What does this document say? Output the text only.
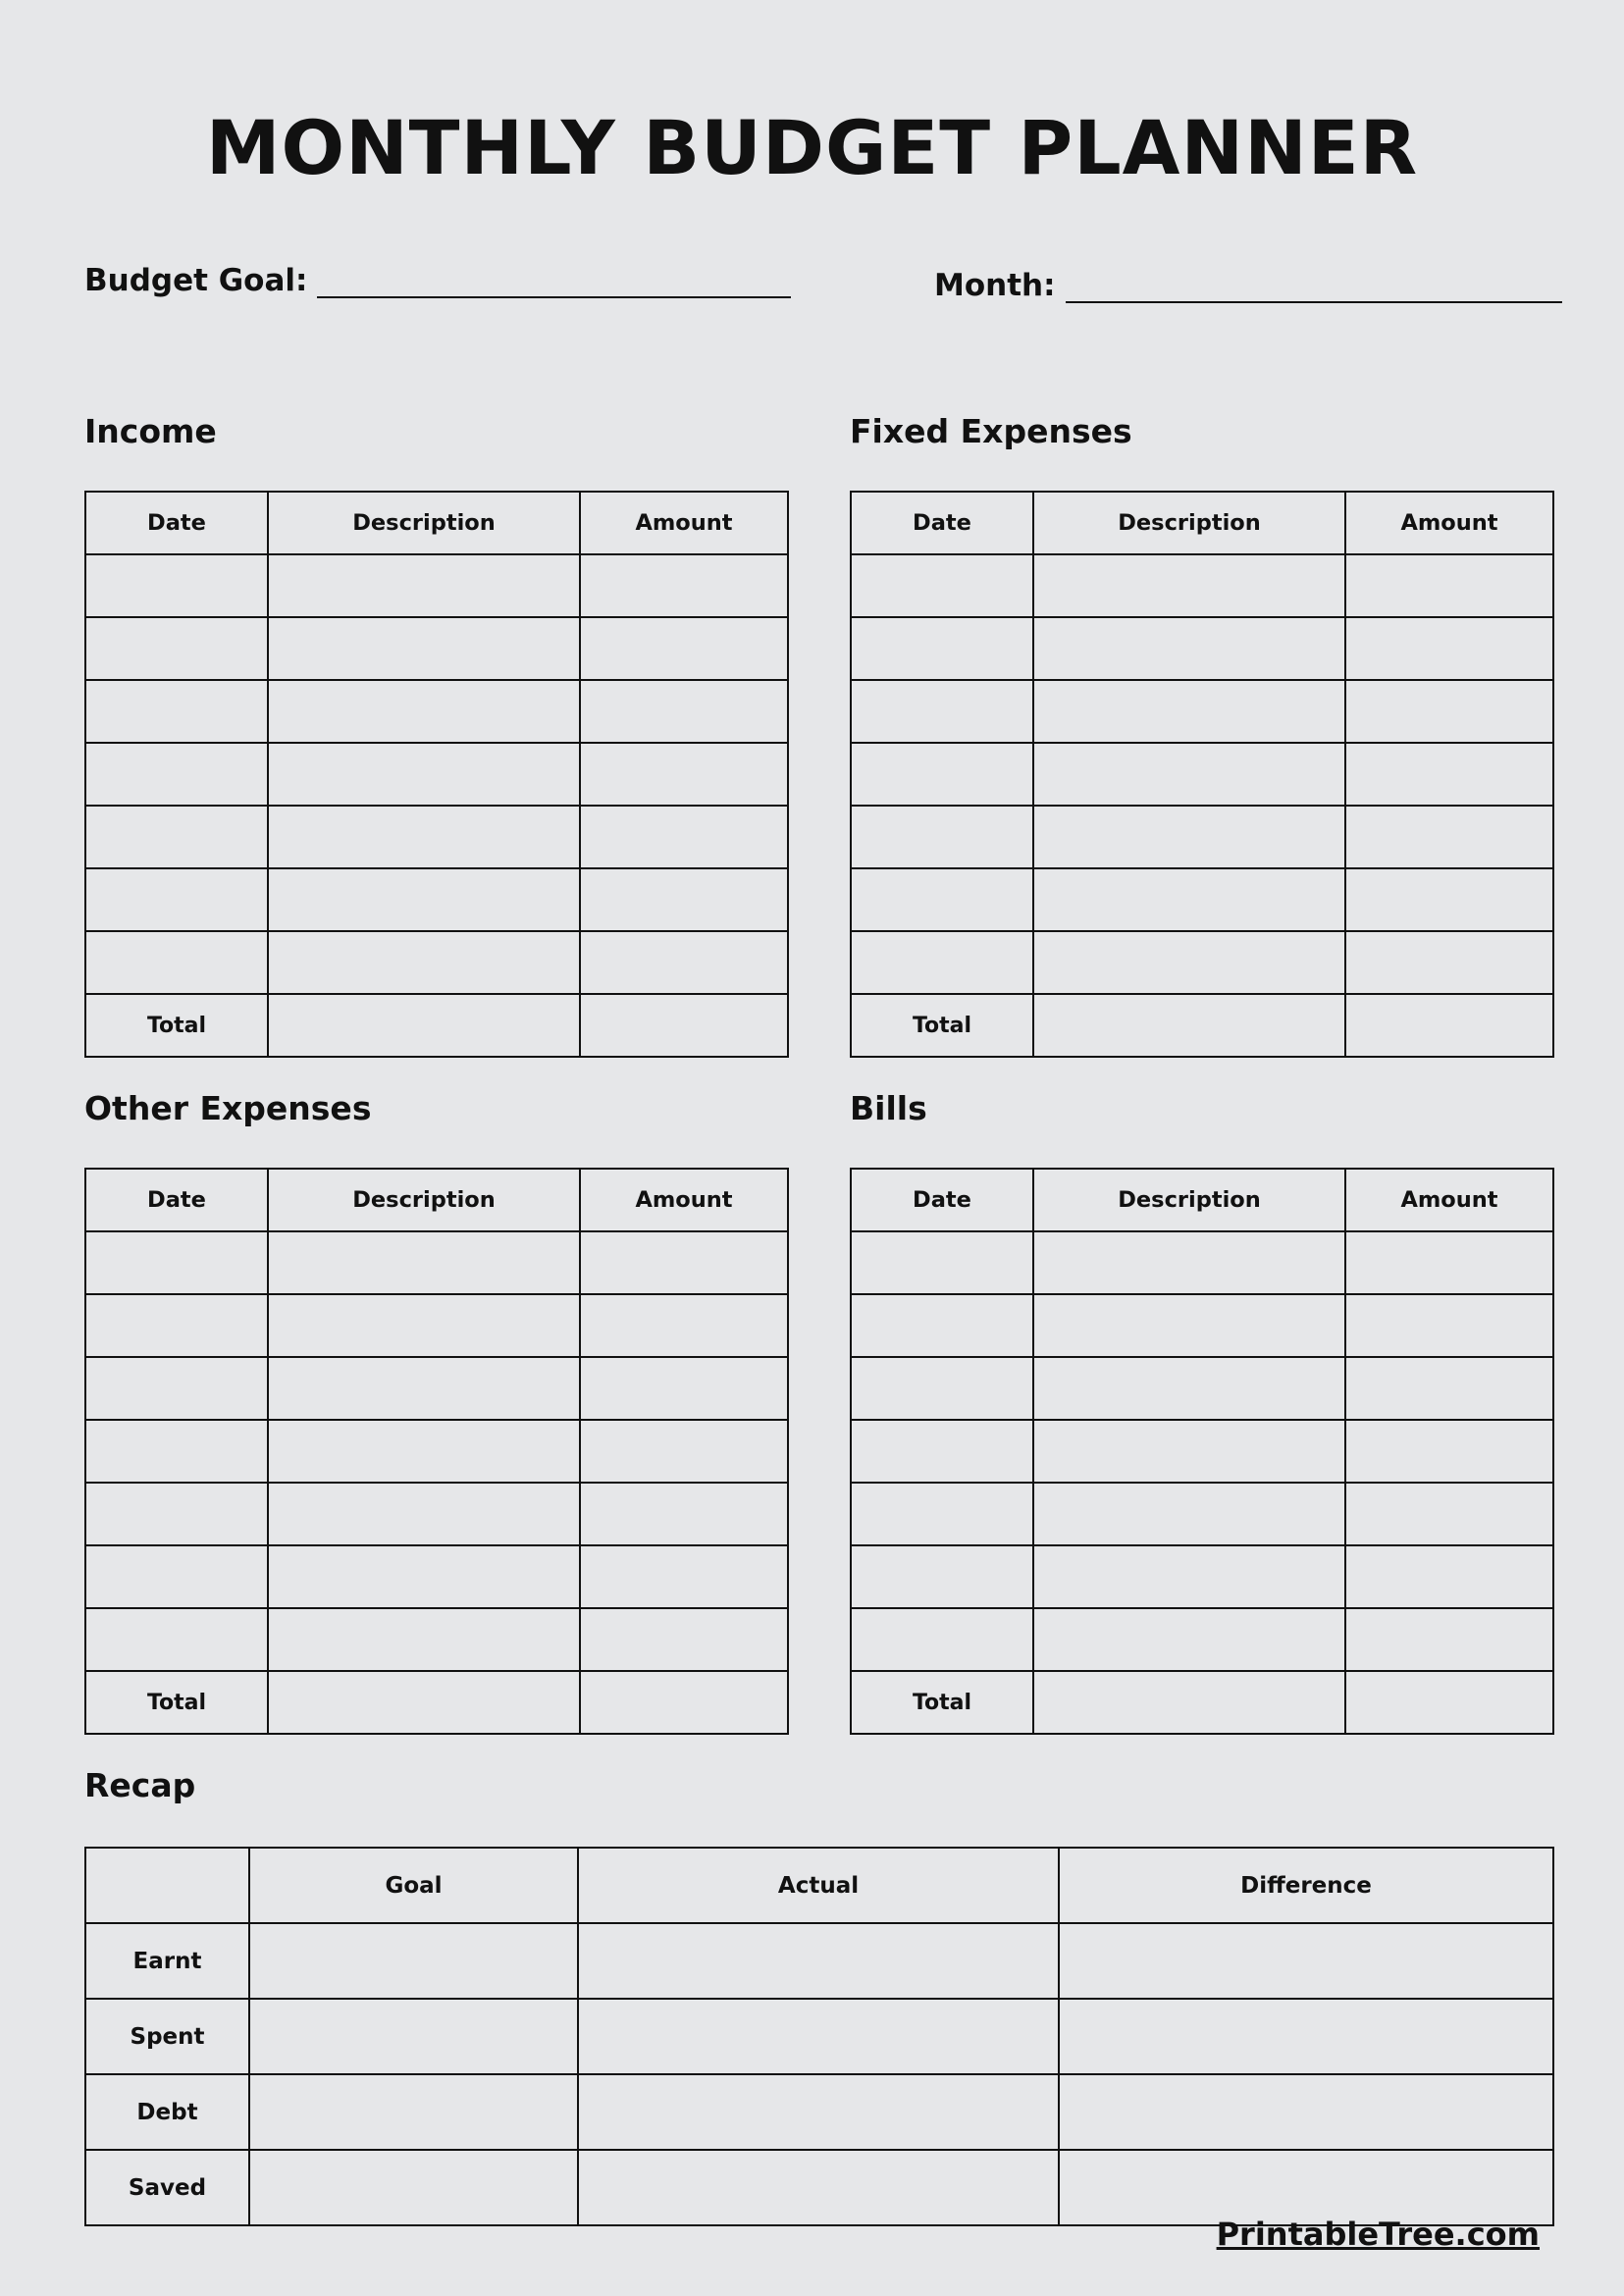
MONTHLY BUDGET PLANNER
Budget Goal:	Month:
Income
Date	Description	Amount

Total		
Fixed Expenses
Date	Description	Amount

Total		
Other Expenses
Date	Description	Amount

Total		
Bills
Date	Description	Amount

Total		
Recap
	Goal	Actual	Difference
Earnt			
Spent			
Debt			
Saved			
PrintableTree.com
